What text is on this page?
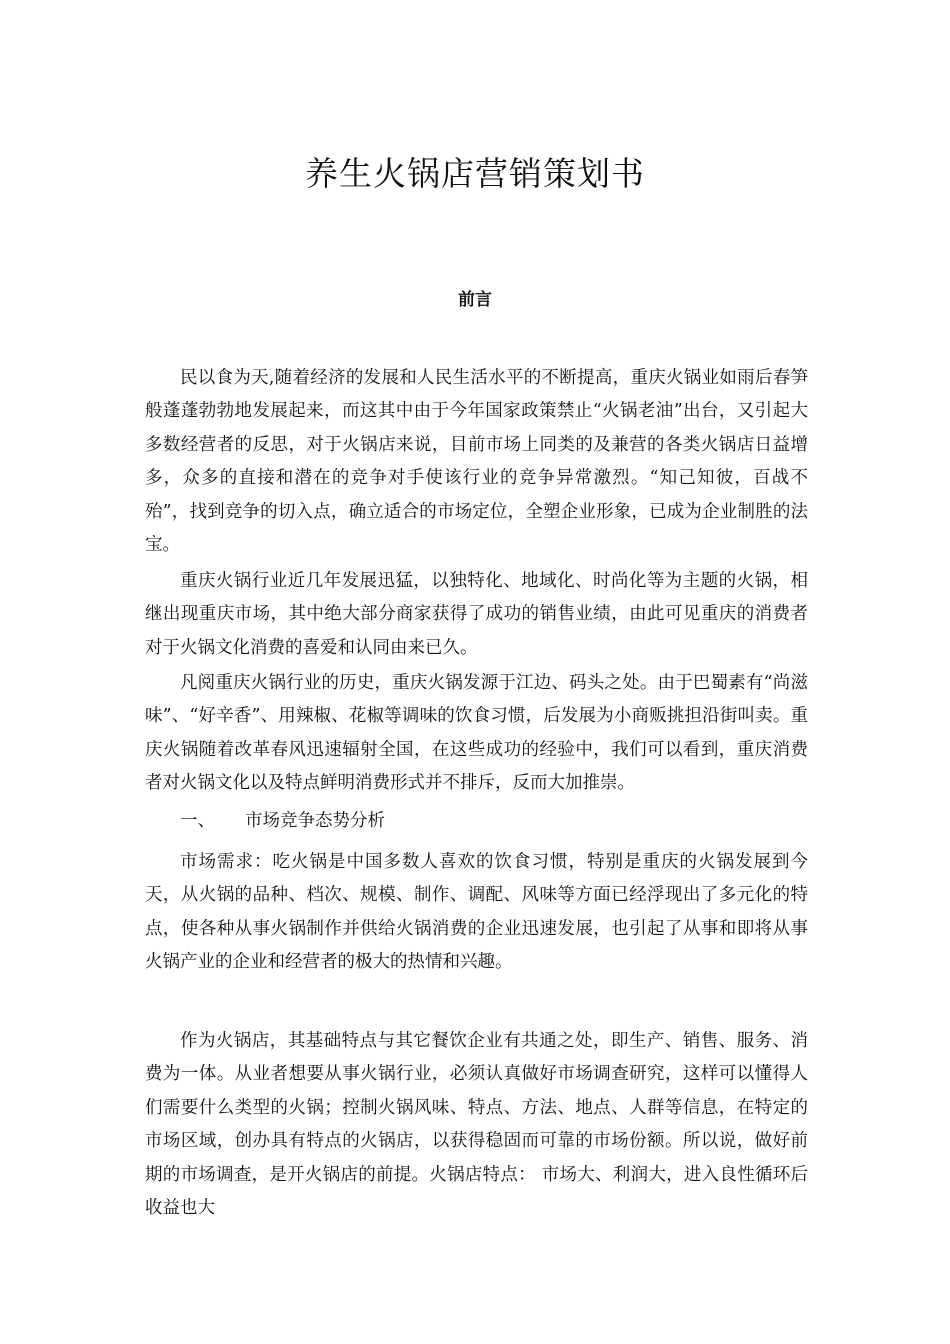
养生火锅店营销策划书
前言

民以食为天,随着经济的发展和人民生活水平的不断提高，重庆火锅业如雨后春笋般蓬蓬勃勃地发展起来，而这其中由于今年国家政策禁止“火锅老油”出台，又引起大多数经营者的反思，对于火锅店来说，目前市场上同类的及兼营的各类火锅店日益增多，众多的直接和潜在的竞争对手使该行业的竞争异常激烈。“知己知彼，百战不殆”，找到竞争的切入点，确立适合的市场定位，全塑企业形象，已成为企业制胜的法宝。

重庆火锅行业近几年发展迅猛，以独特化、地域化、时尚化等为主题的火锅，相继出现重庆市场，其中绝大部分商家获得了成功的销售业绩，由此可见重庆的消费者对于火锅文化消费的喜爱和认同由来已久。

凡阅重庆火锅行业的历史，重庆火锅发源于江边、码头之处。由于巴蜀素有“尚滋味”、“好辛香”、用辣椒、花椒等调味的饮食习惯，后发展为小商贩挑担沿街叫卖。重庆火锅随着改革春风迅速辐射全国，在这些成功的经验中，我们可以看到，重庆消费者对火锅文化以及特点鲜明消费形式并不排斥，反而大加推崇。

一、 市场竞争态势分析

市场需求：吃火锅是中国多数人喜欢的饮食习惯，特别是重庆的火锅发展到今天，从火锅的品种、档次、规模、制作、调配、风味等方面已经浮现出了多元化的特点，使各种从事火锅制作并供给火锅消费的企业迅速发展，也引起了从事和即将从事火锅产业的企业和经营者的极大的热情和兴趣。

作为火锅店，其基础特点与其它餐饮企业有共通之处，即生产、销售、服务、消费为一体。从业者想要从事火锅行业，必须认真做好市场调查研究，这样可以懂得人们需要什么类型的火锅；控制火锅风味、特点、方法、地点、人群等信息，在特定的市场区域，创办具有特点的火锅店，以获得稳固而可靠的市场份额。所以说，做好前期的市场调查，是开火锅店的前提。火锅店特点： 市场大、利润大，进入良性循环后收益也大
